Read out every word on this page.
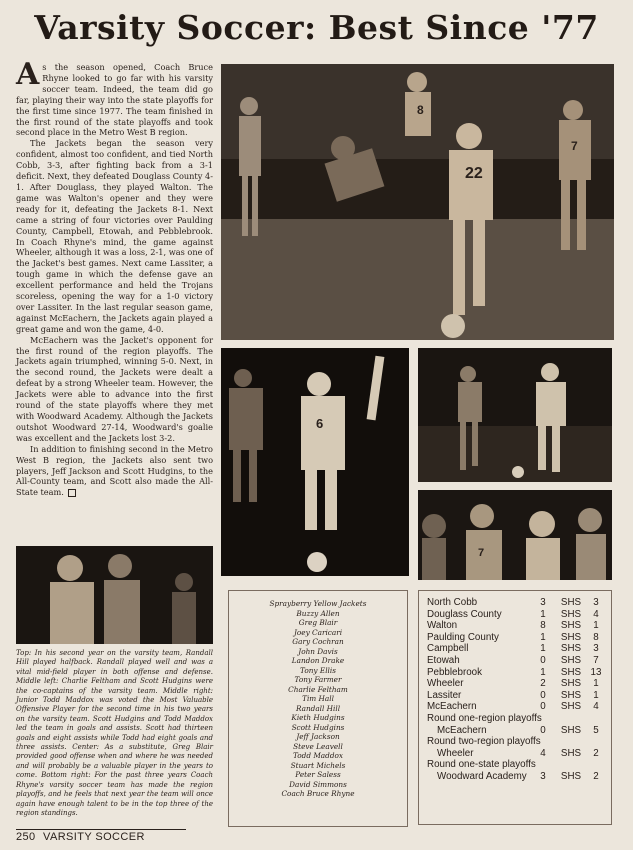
Varsity Soccer: Best Since '77

As the season opened, Coach Bruce Rhyne looked to go far with his varsity soccer team. Indeed, the team did go far, playing their way into the state playoffs for the first time since 1977. The team finished in the first round of the state playoffs and took second place in the Metro West B region.

The Jackets began the season very confident, almost too confident, and tied North Cobb, 3-3, after fighting back from a 3-1 deficit. Next, they defeated Douglass County 4-1. After Douglass, they played Walton. The game was Walton's opener and they were ready for it, defeating the Jackets 8-1. Next came a string of four victories over Paulding County, Campbell, Etowah, and Pebblebrook. In Coach Rhyne's mind, the game against Wheeler, although it was a loss, 2-1, was one of the Jacket's best games. Next came Lassiter, a tough game in which the defense gave an excellent performance and held the Trojans scoreless, opening the way for a 1-0 victory over Lassiter. In the last regular season game, against McEachern, the Jackets again played a great game and won the game, 4-0.

McEachern was the Jacket's opponent for the first round of the region playoffs. The Jackets again triumphed, winning 5-0. Next, in the second round, the Jackets were dealt a defeat by a strong Wheeler team. However, the Jackets were able to advance into the first round of the state playoffs where they met with Woodward Academy. Although the Jackets outshot Woodward 27-14, Woodward's goalie was excellent and the Jackets lost 3-2.

In addition to finishing second in the Metro West B region, the Jackets also sent two players, Jeff Jackson and Scott Hudgins, to the All-County team, and Scott also made the All-State team.

22
8
7
6
7
Top: In his second year on the varsity team, Randall Hill played halfback. Randall played well and was a vital mid-field player in both offense and defense. Middle left: Charlie Feltham and Scott Hudgins were the co-captains of the varsity team. Middle right: Junior Todd Maddox was voted the Most Valuable Offensive Player for the second time in his two years on the varsity team. Scott Hudgins and Todd Maddox led the team in goals and assists. Scott had thirteen goals and eight assists while Todd had eight goals and three assists. Center: As a substitute, Greg Blair provided good offense when and where he was needed and will probably be a valuable player in the years to come. Bottom right: For the past three years Coach Rhyne's varsity soccer team has made the region playoffs, and he feels that next year the team will once again have enough talent to be in the top three of the region standings.
Sprayberry Yellow Jackets
Buzzy Allen
Greg Blair
Joey Caricari
Gary Cochran
John Davis
Landon Drake
Tony Ellis
Tony Farmer
Charlie Feltham
Tim Hall
Randall Hill
Kieth Hudgins
Scott Hudgins
Jeff Jackson
Steve Leavell
Todd Maddox
Stuart Michels
Peter Saless
David Simmons
Coach Bruce Rhyne
North Cobb	3	SHS	3
Douglass County	1	SHS	4
Walton	8	SHS	1
Paulding County	1	SHS	8
Campbell	1	SHS	3
Etowah	0	SHS	7
Pebblebrook	1	SHS 13
Wheeler	2	SHS	1
Lassiter	0	SHS	1
McEachern	0	SHS	4
Round one-region playoffs
McEachern	0	SHS	5
Round two-region playoffs
Wheeler	4	SHS	2
Round one-state playoffs
Woodward Academy	3	SHS	2
250 VARSITY SOCCER
